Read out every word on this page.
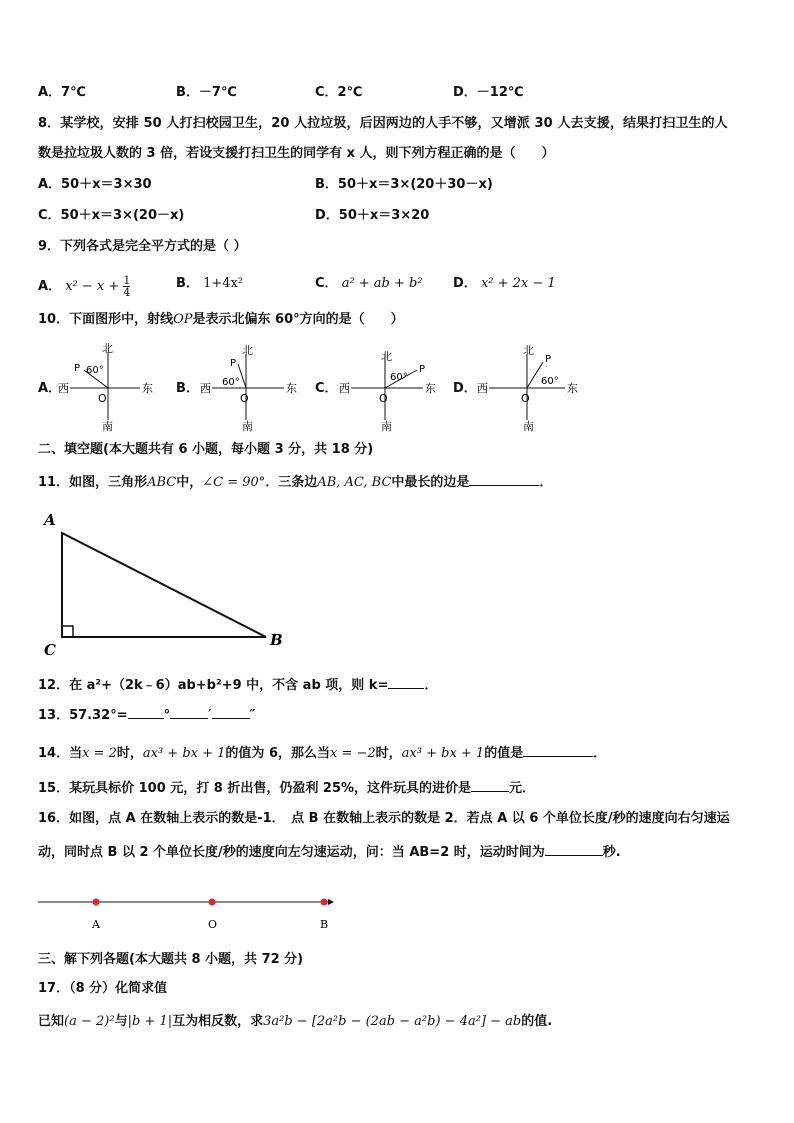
A．7℃	B．－7℃	C．2℃	D．－12℃
8．某学校，安排 50 人打扫校园卫生，20 人拉垃圾，后因两边的人手不够，又增派 30 人去支援，结果打扫卫生的人
数是拉垃圾人数的 3 倍，若设支援打扫卫生的同学有 x 人，则下列方程正确的是（　　）
A．50＋x＝3×30	B．50＋x＝3×(20＋30－x)
C．50＋x＝3×(20－x)	D．50＋x＝3×20
9．下列各式是完全平方式的是（ ）
A． $x^2 - x + \frac{1}{4}$	B． 1+4x²	C． a² + ab + b² D． x² + 2x − 1
10．下面图形中，射线OP是表示北偏东 60°方向的是（　　）
A．	B．	C．	D．
北
南
西	东
O
P 60°
北
南
西	东
O
P
60°
北
南
西	东
O
P
60°
北
南
西	东
O
P
60°
二、填空题(本大题共有 6 小题，每小题 3 分，共 18 分)
11．如图，三角形ABC中，∠C = 90°．三条边AB, AC, BC中最长的边是	．
A
C
B
12．在 a²+（2k﹣6）ab+b²+9 中，不含 ab 项，则 k=	．
13．57.32°=	°	′	″
14．当x = 2时，ax³ + bx + 1的值为 6，那么当x = −2时，ax³ + bx + 1的值是	．
15．某玩具标价 100 元，打 8 折出售，仍盈利 25%，这件玩具的进价是	元．
16．如图，点 A 在数轴上表示的数是-1．　点 B 在数轴上表示的数是 2．若点 A 以 6 个单位长度/秒的速度向右匀速运
动，同时点 B 以 2 个单位长度/秒的速度向左匀速运动，问：当 AB=2 时，运动时间为	秒.
A	O	B
三、解下列各题(本大题共 8 小题，共 72 分)
17．（8 分）化简求值
已知(a − 2)²与|b + 1|互为相反数，求3a²b − [2a²b − (2ab − a²b) − 4a²] − ab的值.
